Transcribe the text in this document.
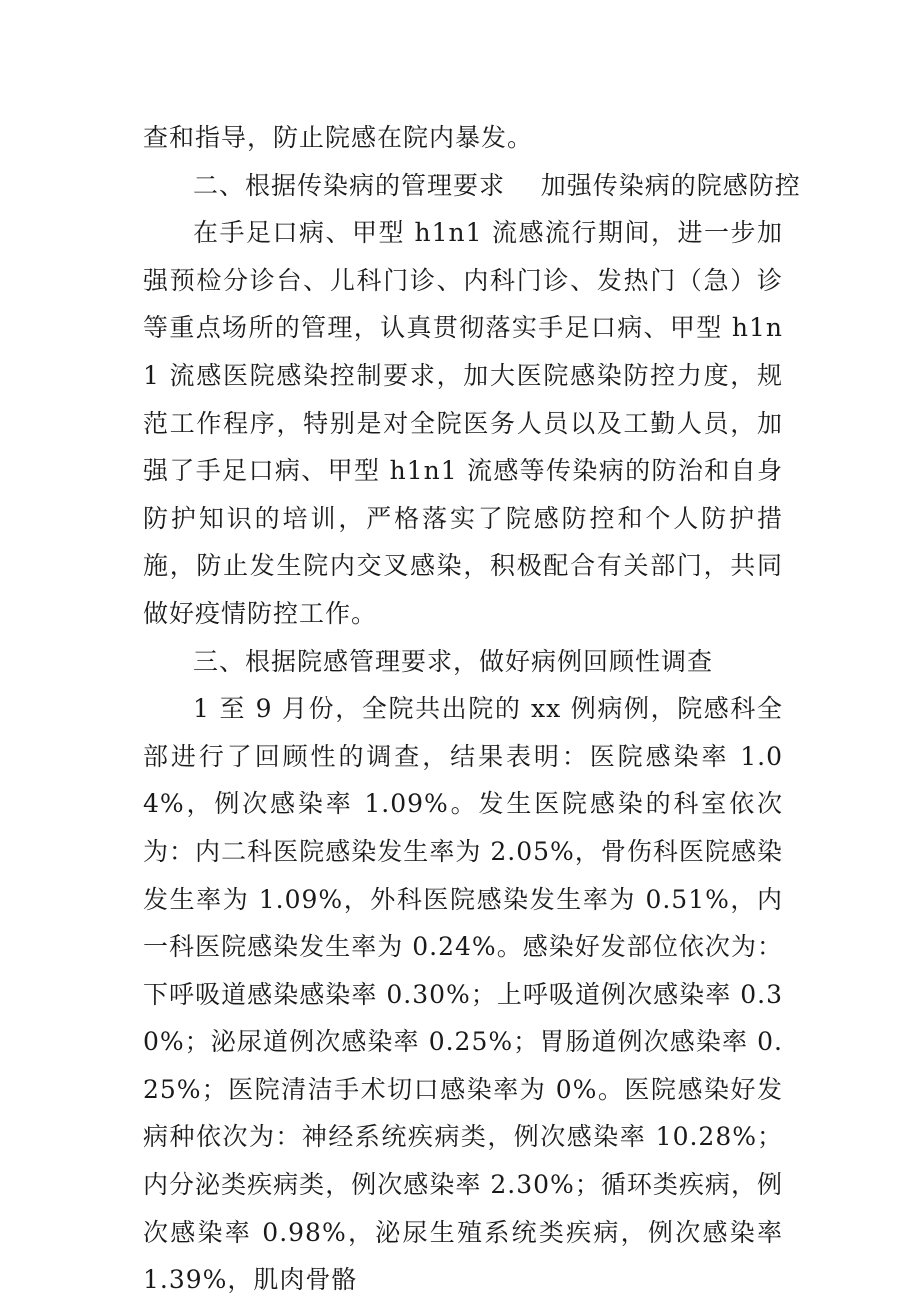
查和指导，防止院感在院内暴发。

二、根据传染病的管理要求    加强传染病的院感防控

在手足口病、甲型 h1n1 流感流行期间，进一步加强预检分诊台、儿科门诊、内科门诊、发热门（急）诊等重点场所的管理，认真贯彻落实手足口病、甲型 h1n1 流感医院感染控制要求，加大医院感染防控力度，规范工作程序，特别是对全院医务人员以及工勤人员，加强了手足口病、甲型 h1n1 流感等传染病的防治和自身防护知识的培训，严格落实了院感防控和个人防护措施，防止发生院内交叉感染，积极配合有关部门，共同做好疫情防控工作。

三、根据院感管理要求，做好病例回顾性调查

1 至 9 月份，全院共出院的 xx 例病例，院感科全部进行了回顾性的调查，结果表明：医院感染率 1.04%，例次感染率 1.09%。发生医院感染的科室依次为：内二科医院感染发生率为 2.05%，骨伤科医院感染发生率为 1.09%，外科医院感染发生率为 0.51%，内一科医院感染发生率为 0.24%。感染好发部位依次为：下呼吸道感染感染率 0.30%；上呼吸道例次感染率 0.30%；泌尿道例次感染率 0.25%；胃肠道例次感染率 0.25%；医院清洁手术切口感染率为 0%。医院感染好发病种依次为：神经系统疾病类，例次感染率 10.28%；内分泌类疾病类，例次感染率 2.30%；循环类疾病，例次感染率 0.98%，泌尿生殖系统类疾病，例次感染率 1.39%，肌肉骨骼
